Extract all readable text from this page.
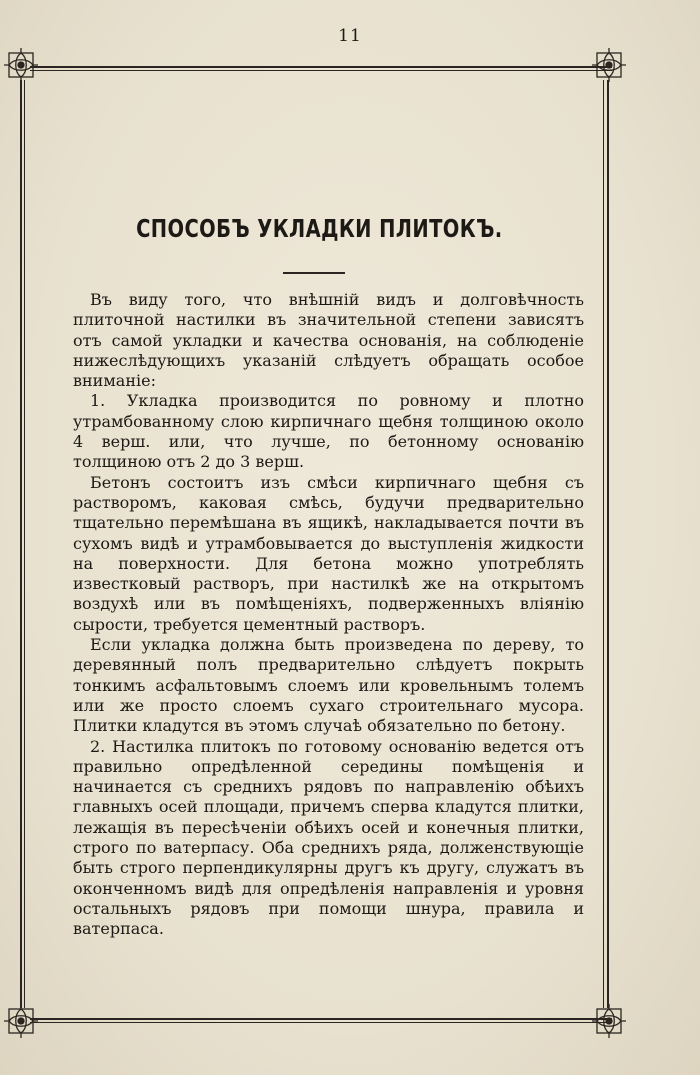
11
СПОСОБЪ УКЛАДКИ ПЛИТОКЪ.

Въ виду того, что внѣшній видъ и долговѣчность плиточной настилки въ значительной степени зависятъ отъ самой укладки и качества основанія, на соблюденіе нижеслѣдующихъ указаній слѣдуетъ обращать особое вниманіе:

1. Укладка производится по ровному и плотно утрамбованному слою кирпичнаго щебня толщиною около 4 верш. или, что лучше, по бетонному основанію толщиною отъ 2 до 3 верш.

Бетонъ состоитъ изъ смѣси кирпичнаго щебня съ растворомъ, каковая смѣсь, будучи предварительно тщательно перемѣшана въ ящикѣ, накладывается почти въ сухомъ видѣ и утрамбовывается до выступленія жидкости на поверхности. Для бетона можно употреблять известковый растворъ, при настилкѣ же на открытомъ воздухѣ или въ помѣщеніяхъ, подверженныхъ вліянію сырости, требуется цементный растворъ.

Если укладка должна быть произведена по дереву, то деревянный полъ предварительно слѣдуетъ покрыть тонкимъ асфальтовымъ слоемъ или кровельнымъ толемъ или же просто слоемъ сухаго строительнаго мусора. Плитки кладутся въ этомъ случаѣ обязательно по бетону.

2. Настилка плитокъ по готовому основанію ведется отъ правильно опредѣленной середины помѣщенія и начинается съ среднихъ рядовъ по направленію обѣихъ главныхъ осей площади, причемъ сперва кладутся плитки, лежащія въ пересѣченіи обѣихъ осей и конечныя плитки, строго по ватерпасу. Оба среднихъ ряда, долженствующіе быть строго перпендикулярны другъ къ другу, служатъ въ оконченномъ видѣ для опредѣленія направленія и уровня остальныхъ рядовъ при помощи шнура, правила и ватерпаса.
